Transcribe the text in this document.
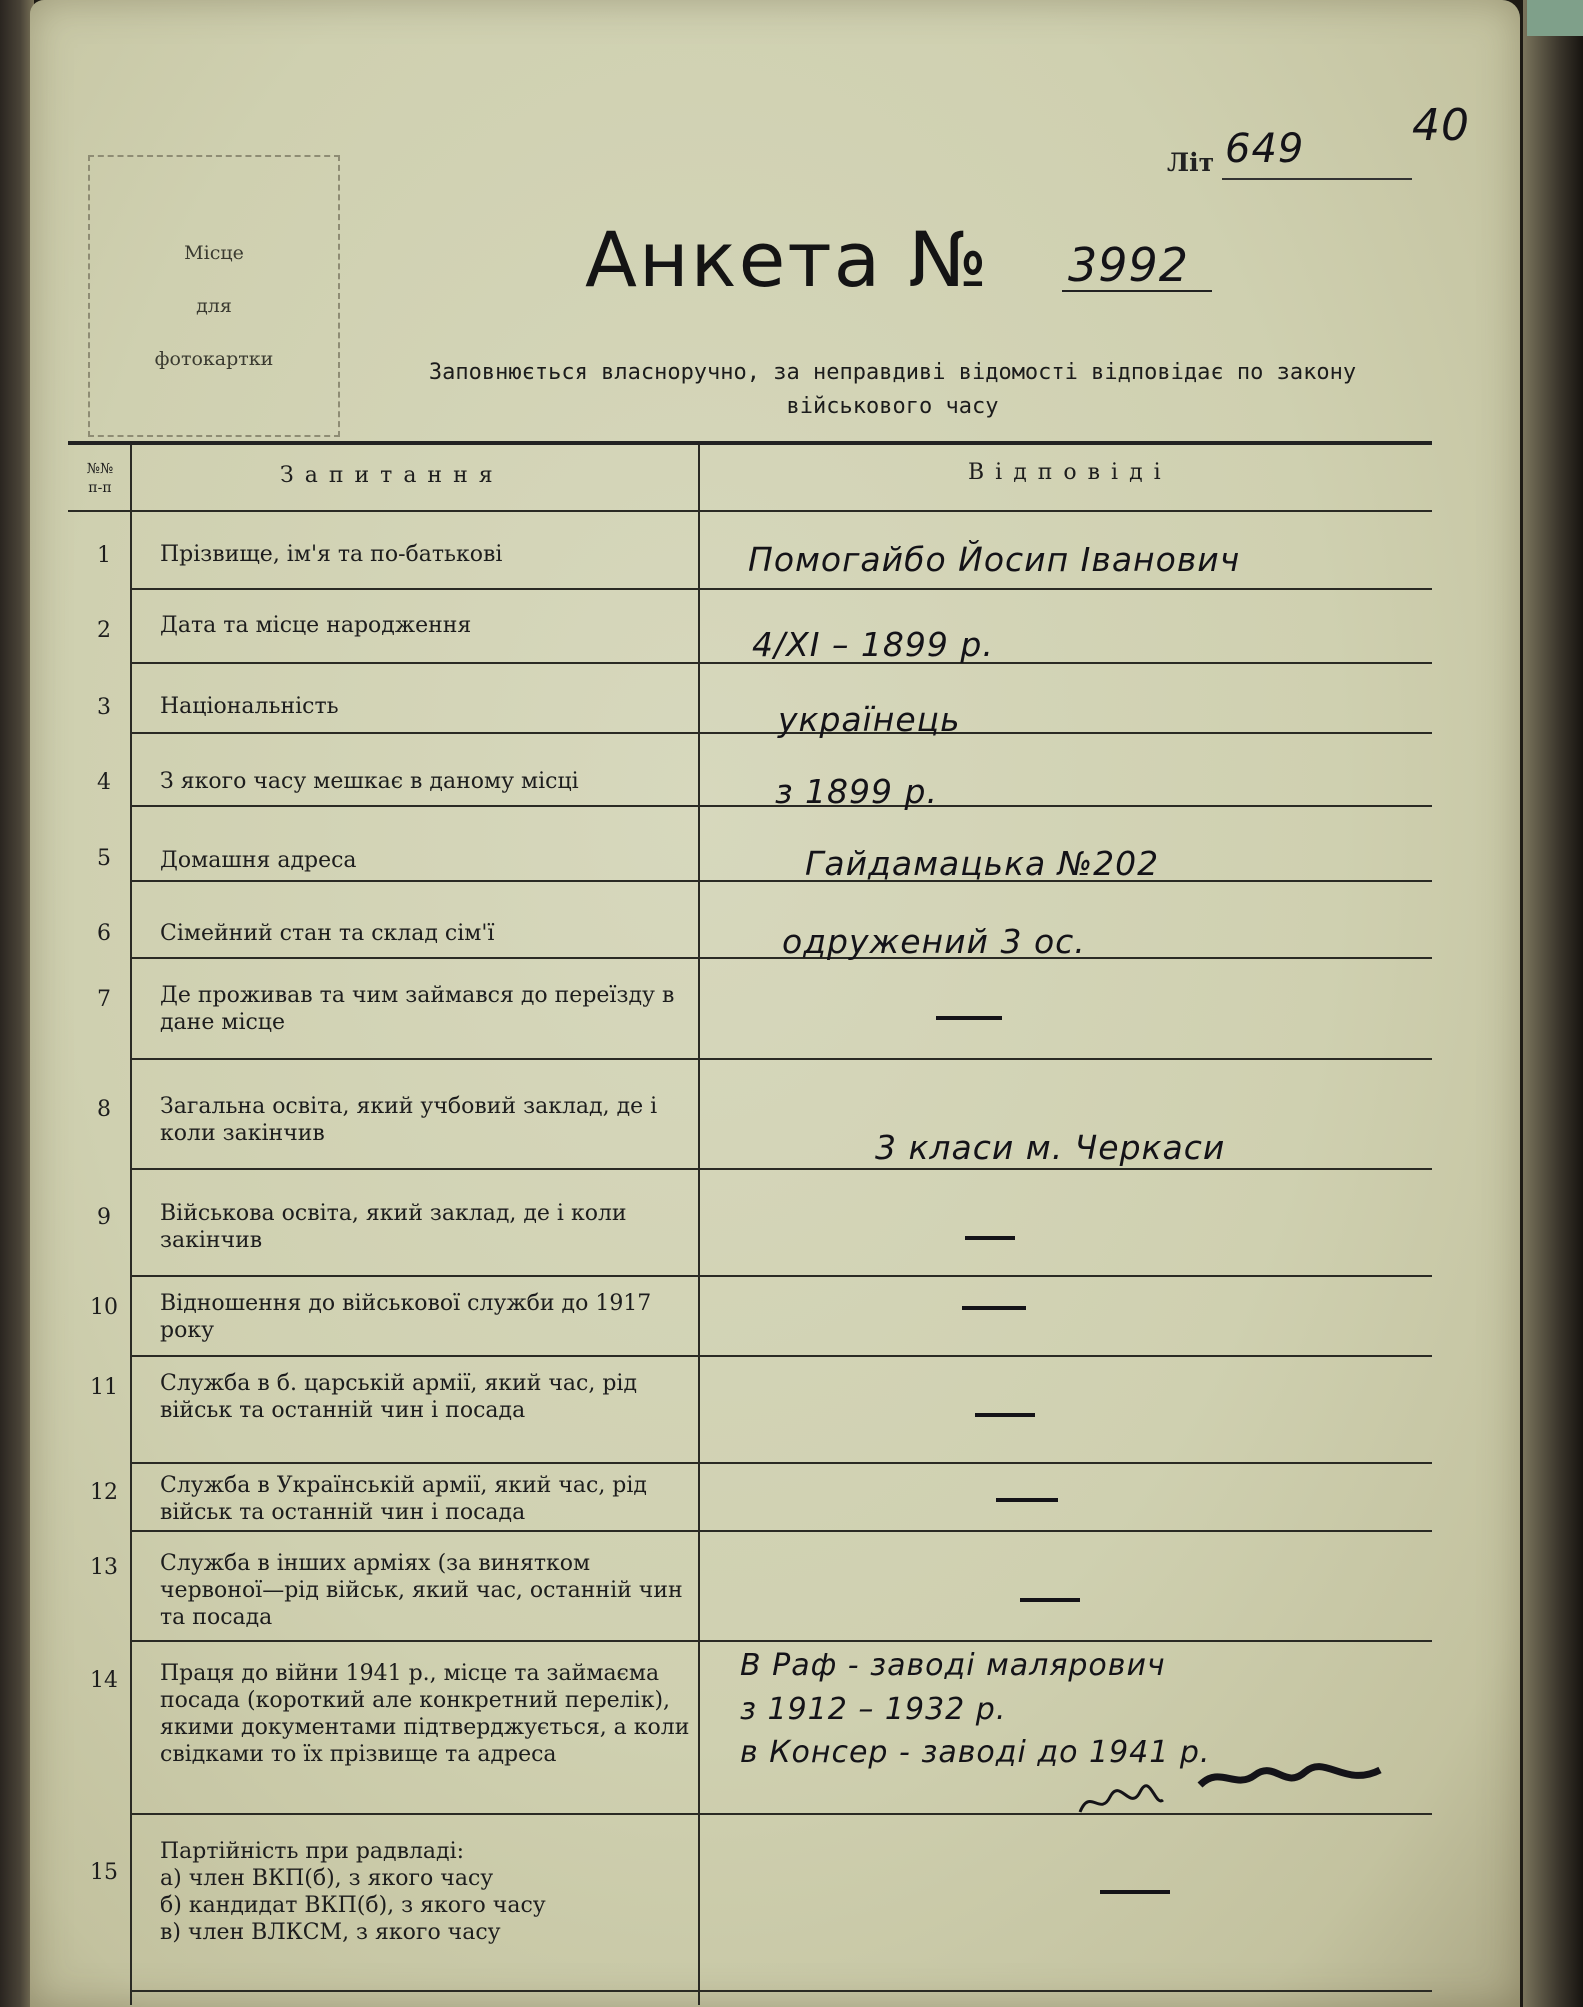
Місце
для
фотокартки
40
Літ 649
Анкета № 3992
Заповнюється власноручно, за неправдиві відомості відповідає по закону військового часу
№№
п-п	Запитання	Відповіді
1
2
3
4
5
6
7
8
9
10
11
12
13
14
15
Прізвище, ім'я та по-батькові
Дата та місце народження
Національність
З якого часу мешкає в даному місці
Домашня адреса
Сімейний стан та склад сім'ї
Де проживав та чим займався до переїзду в дане місце
Загальна освіта, який учбовий заклад, де і коли закінчив
Військова освіта, який заклад, де і коли закінчив
Відношення до військової служби до 1917 року
Служба в б. царській армії, який час, рід військ та останній чин і посада
Служба в Українській армії, який час, рід військ та останній чин і посада
Служба в інших арміях (за винятком червоної—рід військ, який час, останній чин та посада
Праця до війни 1941 р., місце та займаєма посада (короткий але конкретний перелік), якими документами підтверджується, а коли свідками то їх прізвище та адреса
Партійність при радвладі:
а) член ВКП(б), з якого часу
б) кандидат ВКП(б), з якого часу
в) член ВЛКСМ, з якого часу
Помогайбо Йосип Іванович
4/XI – 1899 р.
українець
з 1899 р.
Гайдамацька №202
одружений 3 ос.
3 класи м. Черкаси
В Раф - заводі малярович
з 1912 – 1932 р.
в Консер - заводі до 1941 р.
